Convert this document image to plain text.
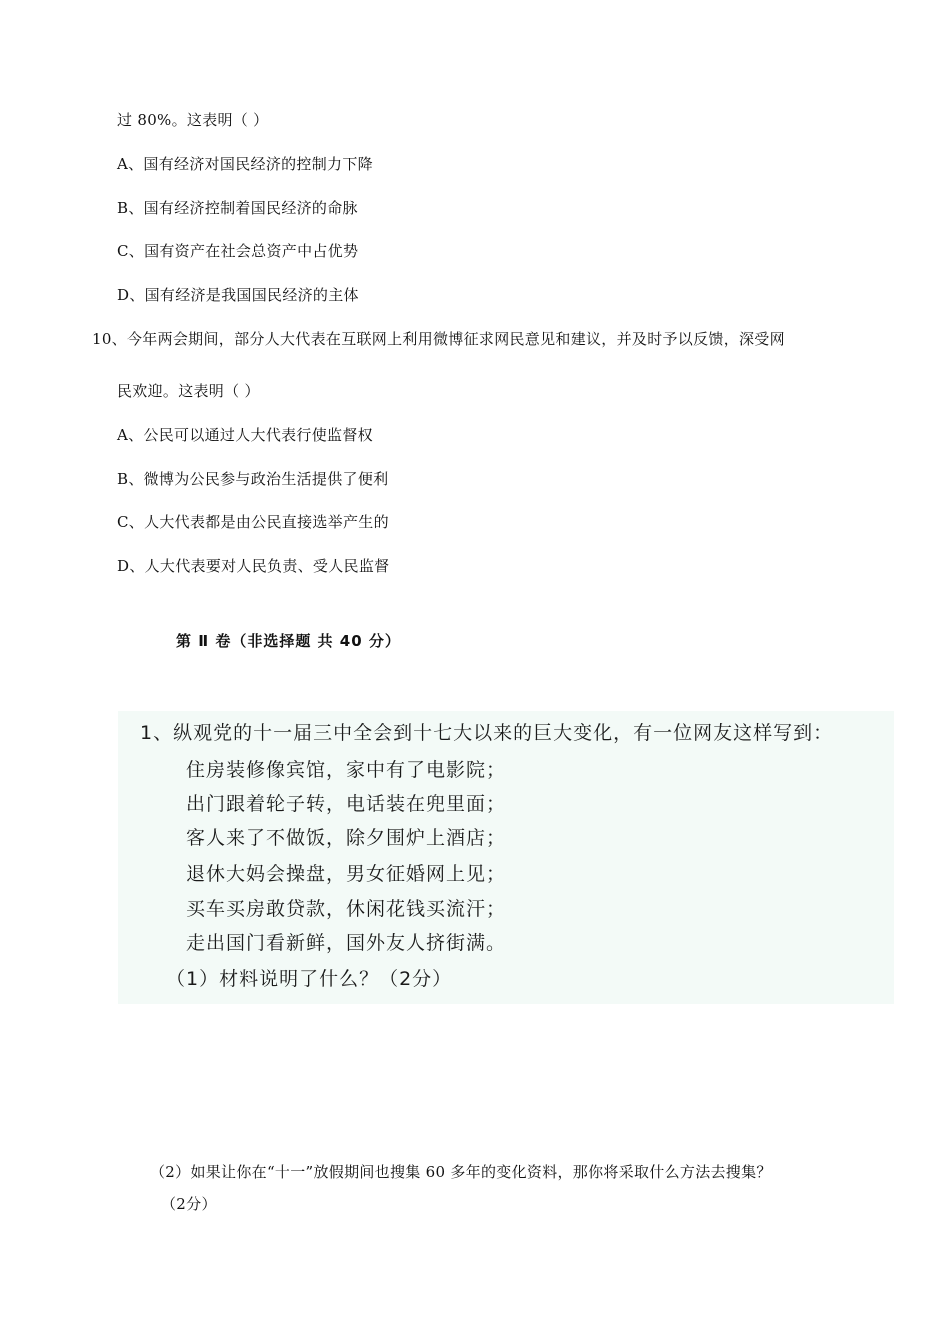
过 80%。这表明（ ）
A、国有经济对国民经济的控制力下降
B、国有经济控制着国民经济的命脉
C、国有资产在社会总资产中占优势
D、国有经济是我国国民经济的主体
10、今年两会期间，部分人大代表在互联网上利用微博征求网民意见和建议，并及时予以反馈，深受网
民欢迎。这表明（ ）
A、公民可以通过人大代表行使监督权
B、微博为公民参与政治生活提供了便利
C、人大代表都是由公民直接选举产生的
D、人大代表要对人民负责、受人民监督
第 Ⅱ 卷（非选择题 共 40 分）
1、纵观党的十一届三中全会到十七大以来的巨大变化，有一位网友这样写到：
住房装修像宾馆，家中有了电影院；
出门跟着轮子转，电话装在兜里面；
客人来了不做饭，除夕围炉上酒店；
退休大妈会操盘，男女征婚网上见；
买车买房敢贷款，休闲花钱买流汗；
走出国门看新鲜，国外友人挤街满。
（1）材料说明了什么？（2分）
（2）如果让你在“十一”放假期间也搜集 60 多年的变化资料，那你将采取什么方法去搜集？
（2分）
